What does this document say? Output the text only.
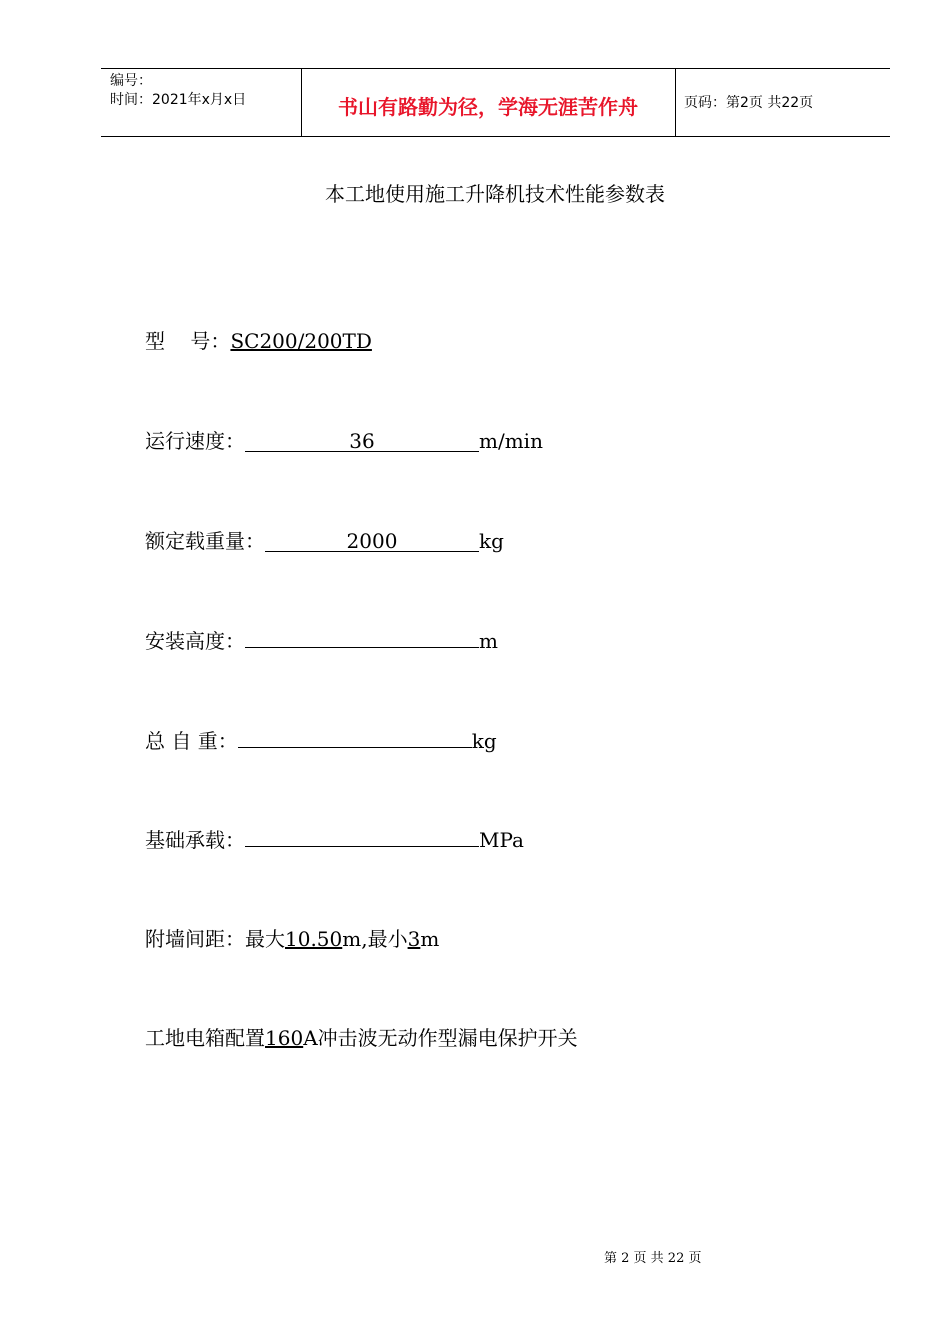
编号：
时间：2021年x月x日	书山有路勤为径，学海无涯苦作舟	页码：第2页 共22页
本工地使用施工升降机技术性能参数表
型    号：SC200/200TD
运行速度：	36	m/min
额定载重量：	2000	kg
安装高度：	m
总 自 重：	kg
基础承载：	MPa
附墙间距：最大10.50m,最小3m
工地电箱配置160A冲击波无动作型漏电保护开关
第 2 页 共 22 页
